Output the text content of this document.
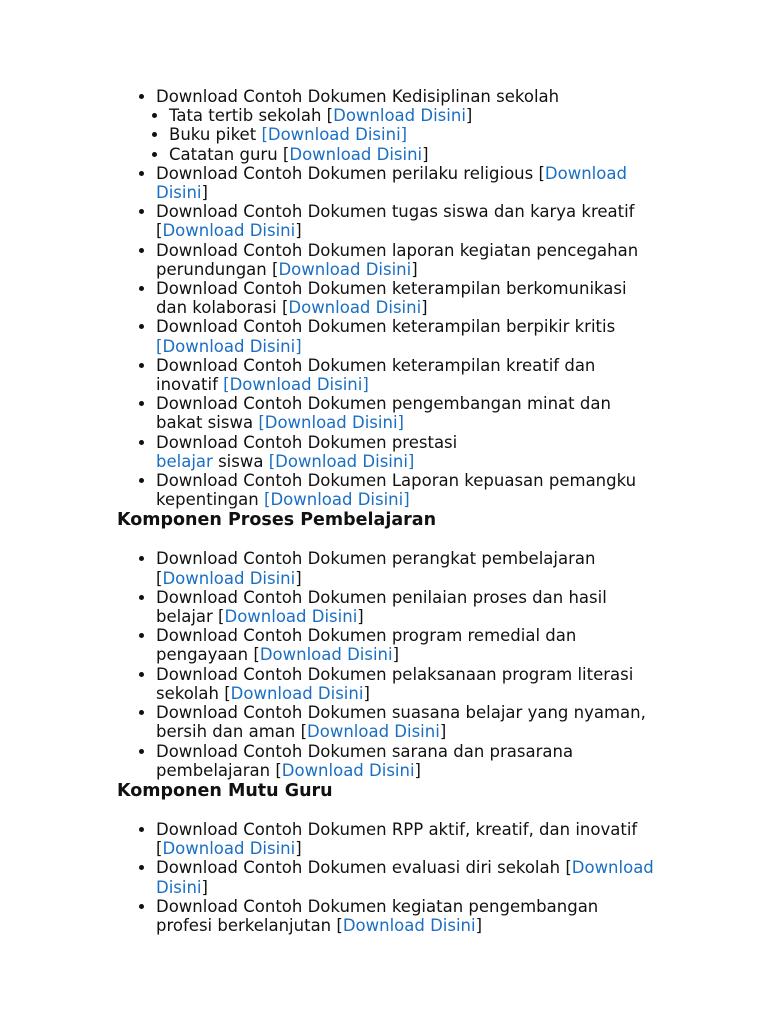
• Download Contoh Dokumen Kedisiplinan sekolah
• Tata tertib sekolah [Download Disini]
• Buku piket [Download Disini]
• Catatan guru [Download Disini]
• Download Contoh Dokumen perilaku religious [Download Disini]
• Download Contoh Dokumen tugas siswa dan karya kreatif [Download Disini]
• Download Contoh Dokumen laporan kegiatan pencegahan perundungan [Download Disini]
• Download Contoh Dokumen keterampilan berkomunikasi dan kolaborasi [Download Disini]
• Download Contoh Dokumen keterampilan berpikir kritis [Download Disini]
• Download Contoh Dokumen keterampilan kreatif dan inovatif [Download Disini]
• Download Contoh Dokumen pengembangan minat dan bakat siswa [Download Disini]
• Download Contoh Dokumen prestasi
belajar siswa [Download Disini]
• Download Contoh Dokumen Laporan kepuasan pemangku kepentingan [Download Disini]
Komponen Proses Pembelajaran
• Download Contoh Dokumen perangkat pembelajaran [Download Disini]
• Download Contoh Dokumen penilaian proses dan hasil belajar [Download Disini]
• Download Contoh Dokumen program remedial dan pengayaan [Download Disini]
• Download Contoh Dokumen pelaksanaan program literasi sekolah [Download Disini]
• Download Contoh Dokumen suasana belajar yang nyaman, bersih dan aman [Download Disini]
• Download Contoh Dokumen sarana dan prasarana pembelajaran [Download Disini]
Komponen Mutu Guru
• Download Contoh Dokumen RPP aktif, kreatif, dan inovatif [Download Disini]
• Download Contoh Dokumen evaluasi diri sekolah [Download Disini]
• Download Contoh Dokumen kegiatan pengembangan profesi berkelanjutan [Download Disini]
